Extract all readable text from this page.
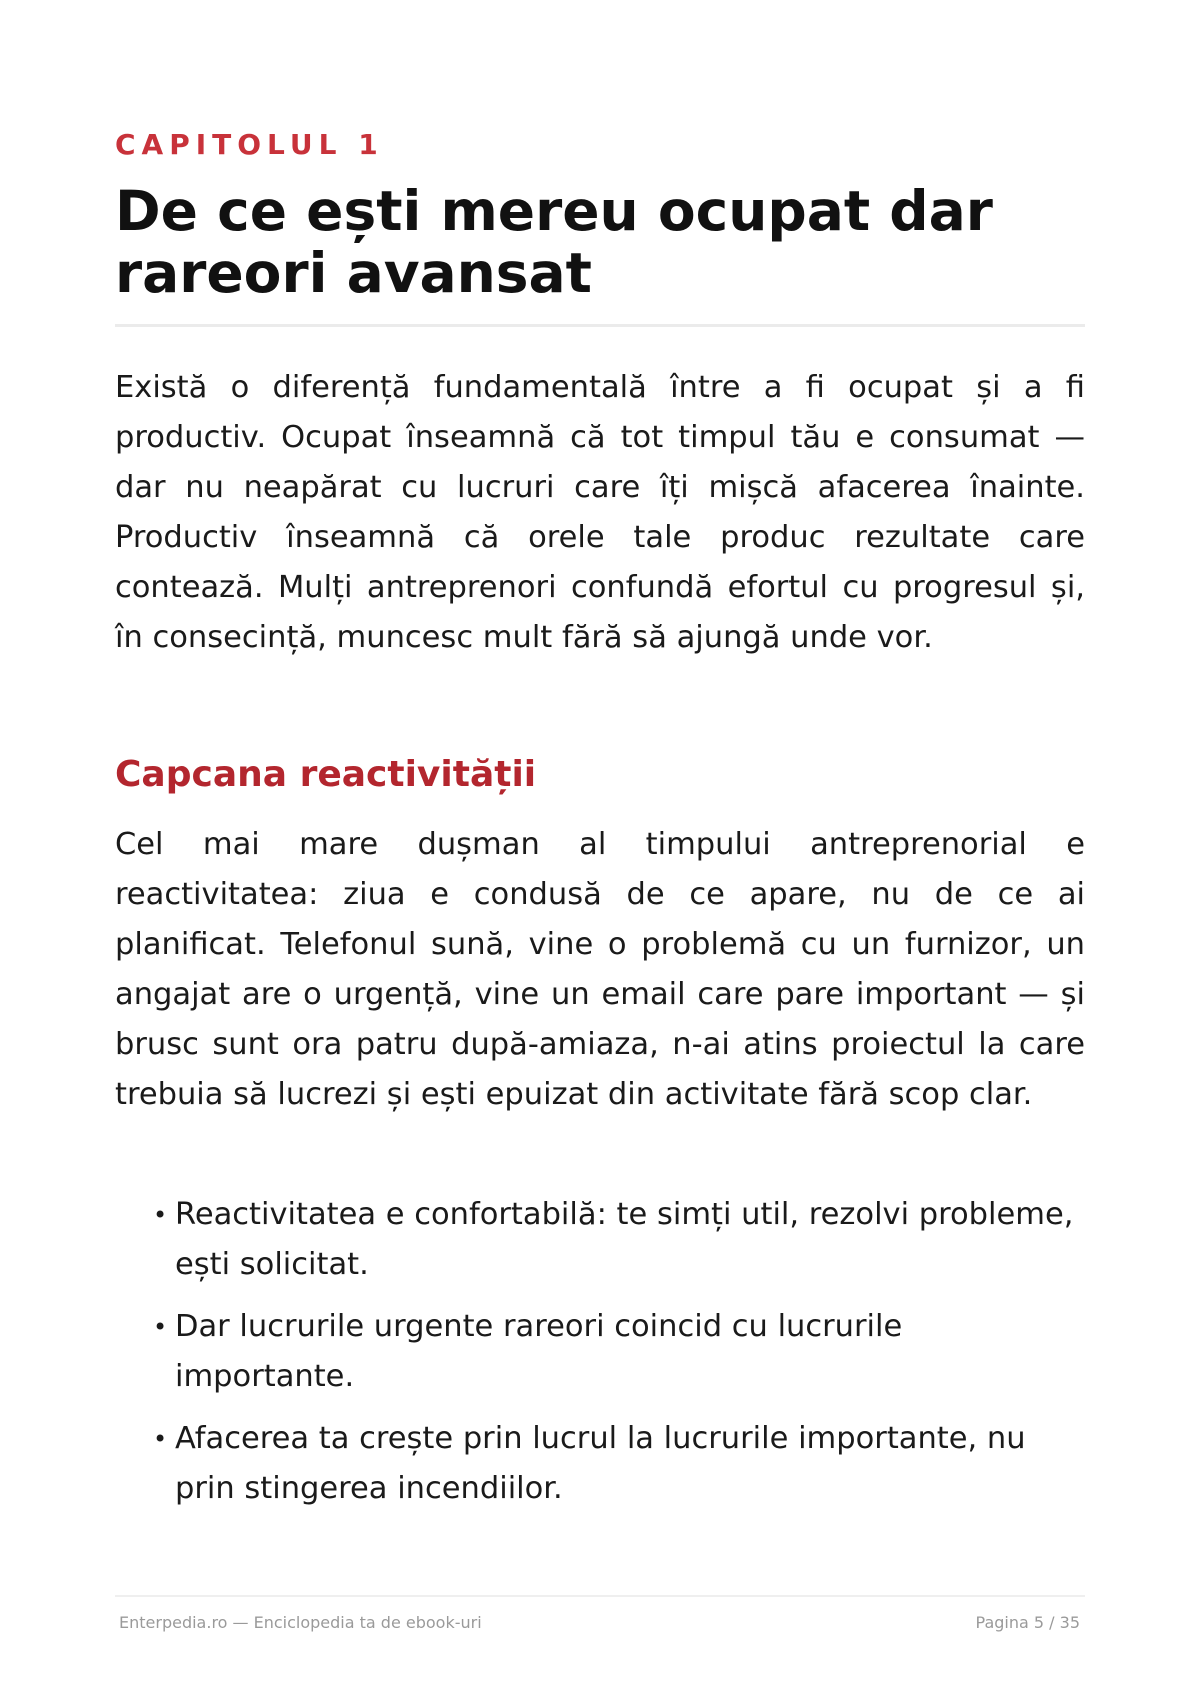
CAPITOLUL 1
De ce ești mereu ocupat dar rareori avansat

Există o diferență fundamentală între a fi ocupat și a fi productiv. Ocupat înseamnă că tot timpul tău e consumat — dar nu neapărat cu lucruri care îți mișcă afacerea înainte. Productiv înseamnă că orele tale produc rezultate care contează. Mulți antreprenori confundă efortul cu progresul și, în consecință, muncesc mult fără să ajungă unde vor.

Capcana reactivității

Cel mai mare dușman al timpului antreprenorial e reactivitatea: ziua e condusă de ce apare, nu de ce ai planificat. Telefonul sună, vine o problemă cu un furnizor, un angajat are o urgență, vine un email care pare important — și brusc sunt ora patru după-amiaza, n-ai atins proiectul la care trebuia să lucrezi și ești epuizat din activitate fără scop clar.

• Reactivitatea e confortabilă: te simți util, rezolvi probleme, ești solicitat.
• Dar lucrurile urgente rareori coincid cu lucrurile importante.
• Afacerea ta crește prin lucrul la lucrurile importante, nu prin stingerea incendiilor.
Enterpedia.ro — Enciclopedia ta de ebook-uri	Pagina 5 / 35
